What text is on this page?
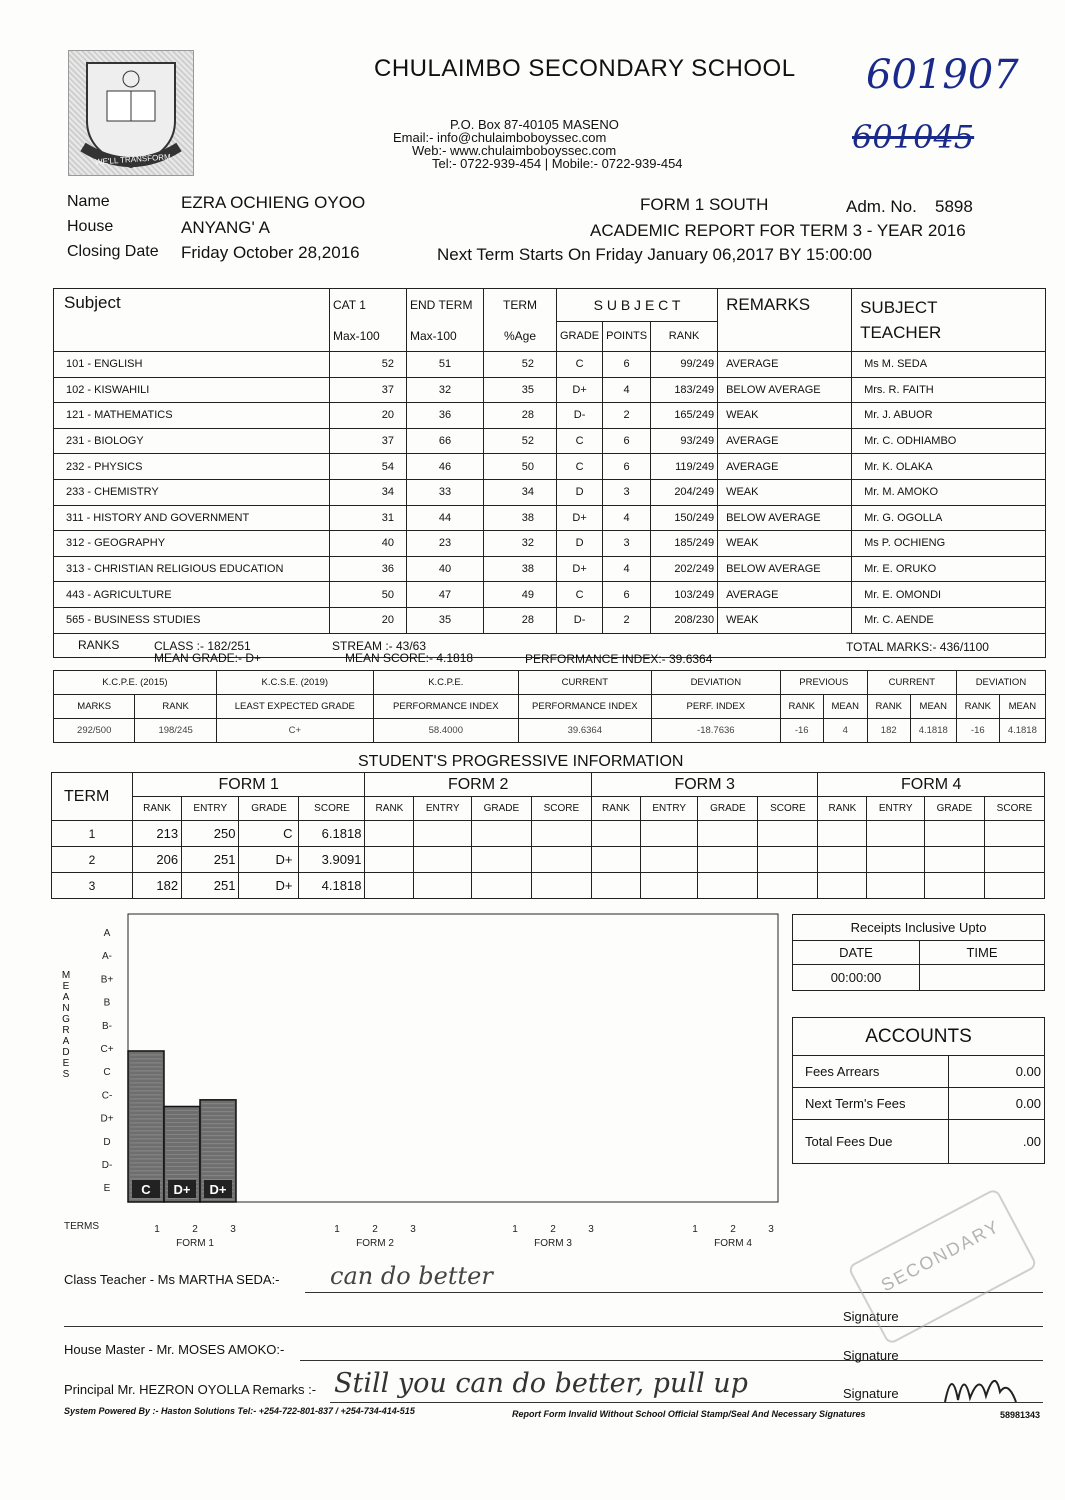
WE'LL TRANSFORM
CHULAIMBO SECONDARY SCHOOL
P.O. Box 87-40105 MASENO
Email:- info@chulaimboboyssec.com
Web:- www.chulaimboboyssec.com
Tel:- 0722-939-454 | Mobile:- 0722-939-454
601907
601045
Name	EZRA OCHIENG OYOO
House	ANYANG' A
Closing Date Friday October 28,2016
FORM 1 SOUTH	Adm. No. 5898
ACADEMIC REPORT FOR TERM 3 - YEAR 2016
Next Term Starts On Friday January 06,2017 BY 15:00:00
Subject	CAT 1	END TERM	TERM	S U B J E C T			REMARKS	SUBJECT
TEACHER
	Max-100	Max-100	%Age	GRADE	POINTS	RANK		
101 - ENGLISH	52	51	52	C	6	99/249	AVERAGE	Ms M. SEDA
102 - KISWAHILI	37	32	35	D+	4	183/249	BELOW AVERAGE	Mrs. R. FAITH
121 - MATHEMATICS	20	36	28	D-	2	165/249	WEAK	Mr. J. ABUOR
231 - BIOLOGY	37	66	52	C	6	93/249	AVERAGE	Mr. C. ODHIAMBO
232 - PHYSICS	54	46	50	C	6	119/249	AVERAGE	Mr. K. OLAKA
233 - CHEMISTRY	34	33	34	D	3	204/249	WEAK	Mr. M. AMOKO
311 - HISTORY AND GOVERNMENT	31	44	38	D+	4	150/249	BELOW AVERAGE	Mr. G. OGOLLA
312 - GEOGRAPHY	40	23	32	D	3	185/249	WEAK	Ms P. OCHIENG
313 - CHRISTIAN RELIGIOUS EDUCATION	36	40	38	D+	4	202/249	BELOW AVERAGE	Mr. E. ORUKO
443 - AGRICULTURE	50	47	49	C	6	103/249	AVERAGE	Mr. E. OMONDI
565 - BUSINESS STUDIES	20	35	28	D-	2	208/230	WEAK	Mr. C. AENDE

RANKS CLASS :- 182/251 STREAM :- 43/63 TOTAL MARKS:- 436/1100								
MEAN GRADE:- D+	MEAN SCORE:- 4.1818	PERFORMANCE INDEX:- 39.6364
K.C.P.E. (2015)		K.C.S.E. (2019)	K.C.P.E.	CURRENT	DEVIATION	PREVIOUS		CURRENT		DEVIATION	
MARKS	RANK	LEAST EXPECTED GRADE	PERFORMANCE INDEX	PERFORMANCE INDEX	PERF. INDEX	RANK	MEAN	RANK	MEAN	RANK	MEAN
292/500	198/245	C+	58.4000	39.6364	-18.7636	-16	4	182	4.1818	-16	4.1818
STUDENT'S PROGRESSIVE INFORMATION
TERM	FORM 1				FORM 2				FORM 3				FORM 4			
	RANK	ENTRY	GRADE	SCORE	RANK	ENTRY	GRADE	SCORE	RANK	ENTRY	GRADE	SCORE	RANK	ENTRY	GRADE	SCORE
1	213	250	C	6.1818												
2	206	251	D+	3.9091												
3	182	251	D+	4.1818												
MEAN GRADES
A
A-
B+
B
B-
C+
C
C-
D+
D
D-
E C D+ D+
1	2	3
FORM 1
1	2	3
FORM 2
1	2	3
FORM 3
1	2	3
FORM 4
TERMS
Receipts Inclusive Upto	
DATE	TIME
00:00:00	
ACCOUNTS	
Fees Arrears	0.00
Next Term's Fees	0.00
Total Fees Due	.00
Class Teacher - Ms MARTHA SEDA:- can do better
Signature
House Master - Mr. MOSES AMOKO:-	Signature
Principal Mr. HEZRON OYOLLA Remarks :- Still you can do better, pull up	Signature
SECONDARY
System Powered By :- Haston Solutions Tel:- +254-722-801-837 / +254-734-414-515	Report Form Invalid Without School Official Stamp/Seal And Necessary Signatures	58981343
